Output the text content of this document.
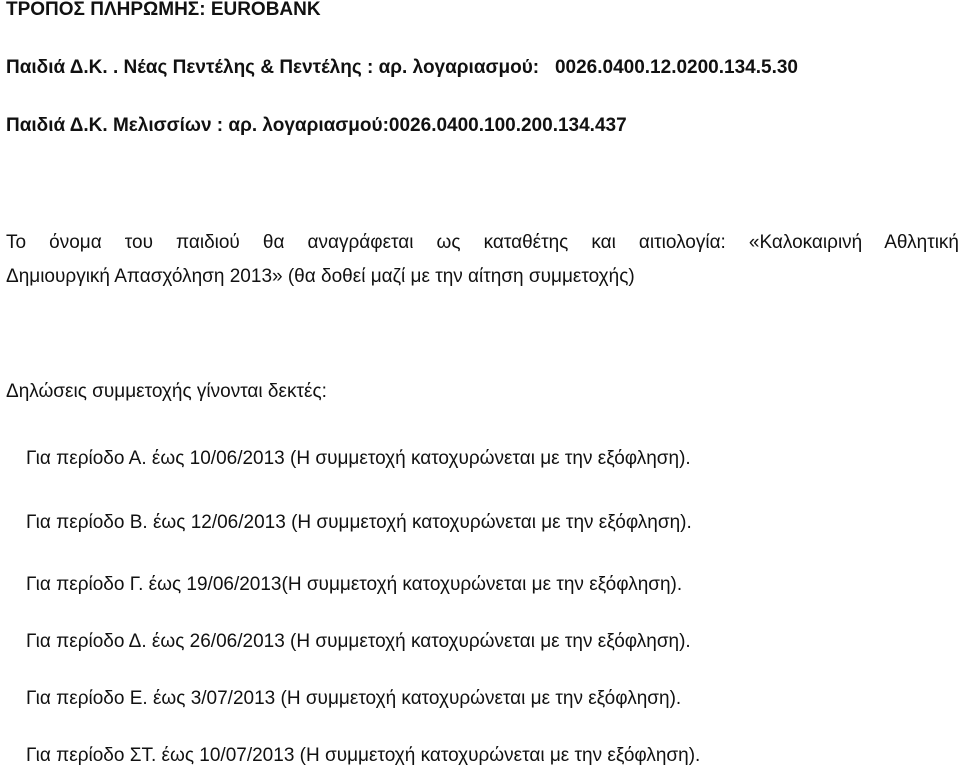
ΤΡΟΠΟΣ ΠΛΗΡΩΜΗΣ: EUROBANK
Παιδιά Δ.Κ. . Νέας Πεντέλης & Πεντέλης : αρ. λογαριασμού:   0026.0400.12.0200.134.5.30
Παιδιά Δ.Κ. Μελισσίων : αρ. λογαριασμού:0026.0400.100.200.134.437
Το όνομα του παιδιού θα αναγράφεται ως καταθέτης και αιτιολογία: «Καλοκαιρινή Αθλητική
Δημιουργική Απασχόληση 2013» (θα δοθεί μαζί με την αίτηση συμμετοχής)
Δηλώσεις συμμετοχής γίνονται δεκτές:
Για περίοδο Α. έως 10/06/2013 (Η συμμετοχή κατοχυρώνεται με την εξόφληση).
Για περίοδο Β. έως 12/06/2013 (Η συμμετοχή κατοχυρώνεται με την εξόφληση).
Για περίοδο Γ. έως 19/06/2013(Η συμμετοχή κατοχυρώνεται με την εξόφληση).
Για περίοδο Δ. έως 26/06/2013 (Η συμμετοχή κατοχυρώνεται με την εξόφληση).
Για περίοδο Ε. έως 3/07/2013 (Η συμμετοχή κατοχυρώνεται με την εξόφληση).
Για περίοδο ΣΤ. έως 10/07/2013 (Η συμμετοχή κατοχυρώνεται με την εξόφληση).
